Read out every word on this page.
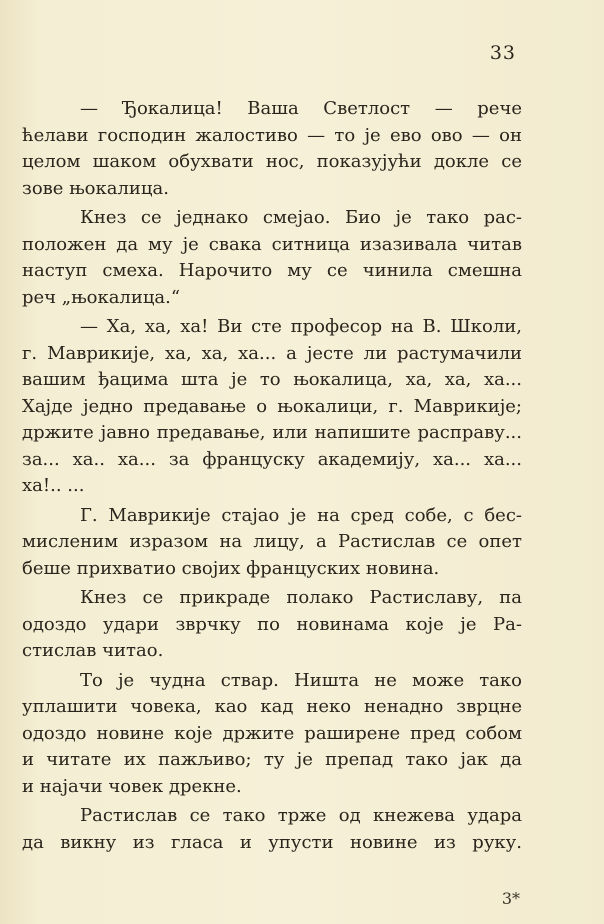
33

— Ђокалица! Ваша Светлост — рече
ћелави господин жалостиво — то је ево ово — он
целом шаком обухвати нос, показујући докле се
зове њокалица.

Кнез се једнако смејао. Био је тако рас-
положен да му је свака ситница изазивала читав
наступ смеха. Нарочито му се чинила смешна
реч „њокалица.“

— Ха, ха, ха! Ви сте професор на В. Школи,
г. Маврикије, ха, ха, ха... а јесте ли растумачили
вашим ђацима шта је то њокалица, ха, ха, ха...
Хајде једно предавање о њокалици, г. Маврикије;
држите јавно предавање, или напишите расправу...
за... ха.. ха... за француску академију, ха... ха...
ха!.. ...

Г. Маврикије стајао је на сред собе, с бес-
мисленим изразом на лицу, а Растислав се опет
беше прихватио својих француских новина.

Кнез се прикраде полако Растиславу, па
одоздо удари зврчку по новинама које је Ра-
стислав читао.

То је чудна ствар. Ништа не може тако
уплашити човека, као кад неко ненадно зврцне
одоздо новине које држите раширене пред собом
и читате их пажљиво; ту је препад тако јак да
и најачи човек дрекне.

Растислав се тако трже од кнежева удара
да викну из гласа и упусти новине из руку.

3*
